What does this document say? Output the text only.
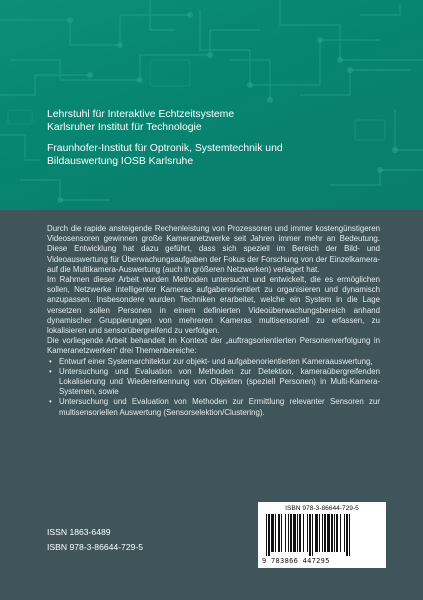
Lehrstuhl für Interaktive Echtzeitsysteme
Karlsruher Institut für Technologie
Fraunhofer-Institut für Optronik, Systemtechnik und
Bildauswertung IOSB Karlsruhe

Durch die rapide ansteigende Rechenleistung von Prozessoren und immer kostengünstigeren Videosensoren gewinnen große Kameranetzwerke seit Jahren immer mehr an Bedeutung. Diese Entwicklung hat dazu geführt, dass sich speziell im Bereich der Bild- und Videoauswertung für Überwachungsaufgaben der Fokus der Forschung von der Einzelkamera- auf die Multikamera-Auswertung (auch in größeren Netzwerken) verlagert hat.

Im Rahmen dieser Arbeit wurden Methoden untersucht und entwickelt, die es ermöglichen sollen, Netzwerke intelligenter Kameras aufgabenorientiert zu organisieren und dynamisch anzupassen. Insbesondere wurden Techniken erarbeitet, welche ein System in die Lage versetzen sollen Personen in einem definierten Videoüberwachungsbereich anhand dynamischer Gruppierungen von mehreren Kameras multisensoriell zu erfassen, zu lokalisieren und sensorübergreifend zu verfolgen.

Die vorliegende Arbeit behandelt im Kontext der „auftragsorientierten Personenverfolgung in Kameranetzwerken“ drei Themenbereiche:

• Entwurf einer Systemarchitektur zur objekt- und aufgabenorientierten Kameraauswertung,
• Untersuchung und Evaluation von Methoden zur Detektion, kameraübergreifenden Lokalisierung und Wiedererkennung von Objekten (speziell Personen) in Multi-Kamera-Systemen, sowie
• Untersuchung und Evaluation von Methoden zur Ermittlung relevanter Sensoren zur multisensoriellen Auswertung (Sensorselektion/Clustering).
ISBN 978-3-86644-729-5
9 783866 447295
ISSN 1863-6489
ISBN 978-3-86644-729-5
